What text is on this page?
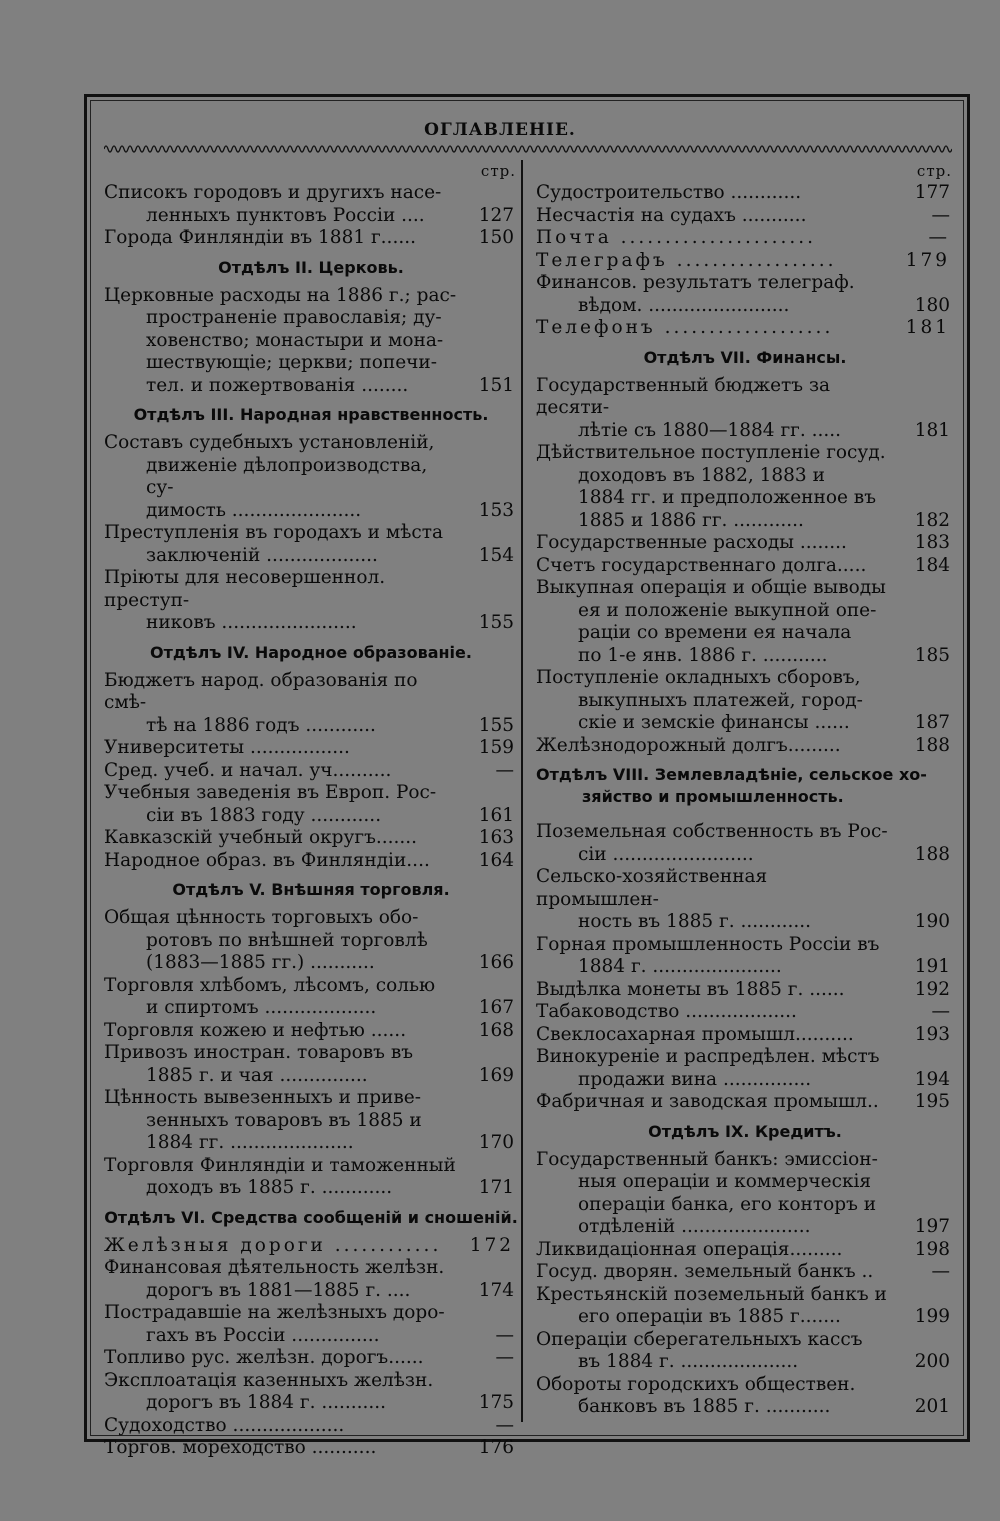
ОГЛАВЛЕНІЕ.
стр.
Списокъ городовъ и другихъ насе-
ленныхъ пунктовъ Россіи ....	127
Города Финляндіи въ 1881 г......	150
Отдѣлъ II. Церковь.
Церковные расходы на 1886 г.; рас-
пространеніе православія; ду-
ховенство; монастыри и мона-
шествующіе; церкви; попечи-
тел. и пожертвованія ........	151
Отдѣлъ III. Народная нравственность.
Составъ судебныхъ установленій,
движеніе дѣлопроизводства, су-
димость ......................	153
Преступленія въ городахъ и мѣста
заключеній ...................	154
Пріюты для несовершеннол. преступ-
никовъ .......................	155
Отдѣлъ IV. Народное образованіе.
Бюджетъ народ. образованія по смѣ-
тѣ на 1886 годъ ............	155
Университеты .................	159
Сред. учеб. и начал. уч..........	—
Учебныя заведенія въ Европ. Рос-
сіи въ 1883 году ............	161
Кавказскій учебный округъ.......	163
Народное образ. въ Финляндіи....	164
Отдѣлъ V. Внѣшняя торговля.
Общая цѣнность торговыхъ обо-
ротовъ по внѣшней торговлѣ
(1883—1885 гг.) ...........	166
Торговля хлѣбомъ, лѣсомъ, солью
и спиртомъ ...................	167
Торговля кожею и нефтью ......	168
Привозъ иностран. товаровъ въ
1885 г. и чая ...............	169
Цѣнность вывезенныхъ и приве-
зенныхъ товаровъ въ 1885 и
1884 гг. .....................	170
Торговля Финляндіи и таможенный
доходъ въ 1885 г. ............	171
Отдѣлъ VI. Средства сообщеній и сношеній.
Желѣзныя дороги ............	172
Финансовая дѣятельность желѣзн.
дорогъ въ 1881—1885 г. ....	174
Пострадавшіе на желѣзныхъ доро-
гахъ въ Россіи ...............	—
Топливо рус. желѣзн. дорогъ......	—
Эксплоатація казенныхъ желѣзн.
дорогъ въ 1884 г. ...........	175
Судоходство ...................	—
Торгов. мореходство ...........	176
стр.
Судостроительство ............	177
Несчастія на судахъ ...........	—
Почта ......................	—
Телеграфъ ..................	179
Финансов. результатъ телеграф.
вѣдом. ........................	180
Телефонъ ...................	181
Отдѣлъ VII. Финансы.
Государственный бюджетъ за десяти-
лѣтіе съ 1880—1884 гг. .....	181
Дѣйствительное поступленіе госуд.
доходовъ въ 1882, 1883 и
1884 гг. и предположенное въ
1885 и 1886 гг. ............	182
Государственные расходы ........	183
Счетъ государственнаго долга.....	184
Выкупная операція и общіе выводы
ея и положеніе выкупной опе-
раціи со времени ея начала
по 1-е янв. 1886 г. ...........	185
Поступленіе окладныхъ сборовъ,
выкупныхъ платежей, город-
скіе и земскіе финансы ......	187
Желѣзнодорожный долгъ.........	188
Отдѣлъ VIII. Землевладѣніе, сельское хо-
зяйство и промышленность.
Поземельная собственность въ Рос-
сіи ........................	188
Сельско-хозяйственная промышлен-
ность въ 1885 г. ............	190
Горная промышленность Россіи въ
1884 г. ......................	191
Выдѣлка монеты въ 1885 г. ......	192
Табаководство ...................	—
Свеклосахарная промышл..........	193
Винокуреніе и распредѣлен. мѣстъ
продажи вина ...............	194
Фабричная и заводская промышл..	195
Отдѣлъ IX. Кредитъ.
Государственный банкъ: эмиссіон-
ныя операціи и коммерческія
операціи банка, его конторъ и
отдѣленій ......................	197
Ликвидаціонная операція.........	198
Госуд. дворян. земельный банкъ ..	—
Крестьянскій поземельный банкъ и
его операціи въ 1885 г.......	199
Операціи сберегательныхъ кассъ
въ 1884 г. ....................	200
Обороты городскихъ обществен.
банковъ въ 1885 г. ...........	201
